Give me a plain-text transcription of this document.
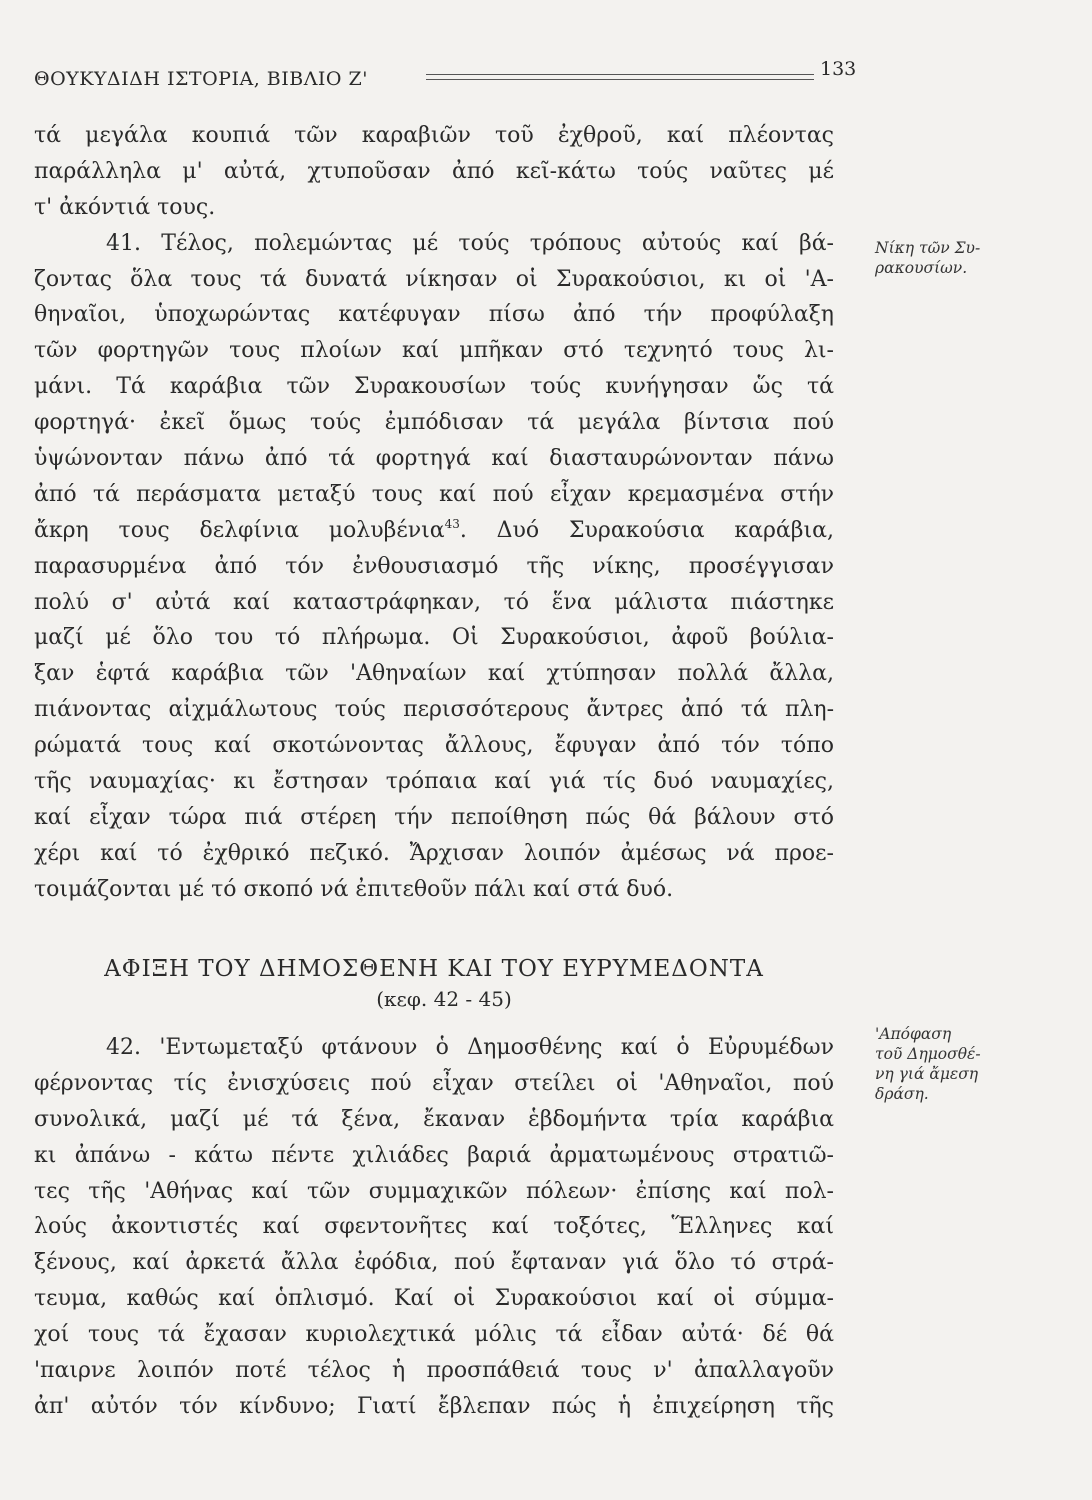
ΘΟΥΚΥΔΙΔΗ ΙΣΤΟΡΙΑ, ΒΙΒΛΙΟ Ζ'	133
τά μεγάλα κουπιά τῶν καραβιῶν τοῦ ἐχθροῦ, καί πλέοντας
παράλληλα μ' αὐτά, χτυποῦσαν ἀπό κεῖ-κάτω τούς ναῦτες μέ
τ' ἀκόντιά τους.
41. Τέλος, πολεμώντας μέ τούς τρόπους αὐτούς καί βά-
ζοντας ὅλα τους τά δυνατά νίκησαν οἱ Συρακούσιοι, κι οἱ 'Α-
θηναῖοι, ὑποχωρώντας κατέφυγαν πίσω ἀπό τήν προφύλαξη
τῶν φορτηγῶν τους πλοίων καί μπῆκαν στό τεχνητό τους λι-
μάνι. Τά καράβια τῶν Συρακουσίων τούς κυνήγησαν ὥς τά
φορτηγά· ἐκεῖ ὅμως τούς ἐμπόδισαν τά μεγάλα βίντσια πού
ὑψώνονταν πάνω ἀπό τά φορτηγά καί διασταυρώνονταν πάνω
ἀπό τά περάσματα μεταξύ τους καί πού εἶχαν κρεμασμένα στήν
ἄκρη τους δελφίνια μολυβένια$^{43}$. Δυό Συρακούσια καράβια,
παρασυρμένα ἀπό τόν ἐνθουσιασμό τῆς νίκης, προσέγγισαν
πολύ σ' αὐτά καί καταστράφηκαν, τό ἕνα μάλιστα πιάστηκε
μαζί μέ ὅλο του τό πλήρωμα. Οἱ Συρακούσιοι, ἀφοῦ βούλια-
ξαν ἑφτά καράβια τῶν 'Αθηναίων καί χτύπησαν πολλά ἄλλα,
πιάνοντας αἰχμάλωτους τούς περισσότερους ἄντρες ἀπό τά πλη-
ρώματά τους καί σκοτώνοντας ἄλλους, ἔφυγαν ἀπό τόν τόπο
τῆς ναυμαχίας· κι ἔστησαν τρόπαια καί γιά τίς δυό ναυμαχίες,
καί εἶχαν τώρα πιά στέρεη τήν πεποίθηση πώς θά βάλουν στό
χέρι καί τό ἐχθρικό πεζικό. Ἄρχισαν λοιπόν ἀμέσως νά προε-
τοιμάζονται μέ τό σκοπό νά ἐπιτεθοῦν πάλι καί στά δυό.
ΑΦΙΞΗ ΤΟΥ ΔΗΜΟΣΘΕΝΗ ΚΑΙ ΤΟΥ ΕΥΡΥΜΕΔΟΝΤΑ
(κεφ. 42 - 45)
42. 'Εντωμεταξύ φτάνουν ὁ Δημοσθένης καί ὁ Εὐρυμέδων
φέρνοντας τίς ἐνισχύσεις πού εἶχαν στείλει οἱ 'Αθηναῖοι, πού
συνολικά, μαζί μέ τά ξένα, ἔκαναν ἑβδομήντα τρία καράβια
κι ἀπάνω - κάτω πέντε χιλιάδες βαριά ἀρματωμένους στρατιῶ-
τες τῆς 'Αθήνας καί τῶν συμμαχικῶν πόλεων· ἐπίσης καί πολ-
λούς ἀκοντιστές καί σφεντονῆτες καί τοξότες, Ἕλληνες καί
ξένους, καί ἀρκετά ἄλλα ἐφόδια, πού ἔφταναν γιά ὅλο τό στρά-
τευμα, καθώς καί ὁπλισμό. Καί οἱ Συρακούσιοι καί οἱ σύμμα-
χοί τους τά ἔχασαν κυριολεχτικά μόλις τά εἶδαν αὐτά· δέ θά
'παιρνε λοιπόν ποτέ τέλος ἡ προσπάθειά τους ν' ἀπαλλαγοῦν
ἀπ' αὐτόν τόν κίνδυνο; Γιατί ἔβλεπαν πώς ἡ ἐπιχείρηση τῆς
Νίκη τῶν Συ-
ρακουσίων.
'Απόφαση
τοῦ Δημοσθέ-
νη γιά ἄμεση
δράση.
